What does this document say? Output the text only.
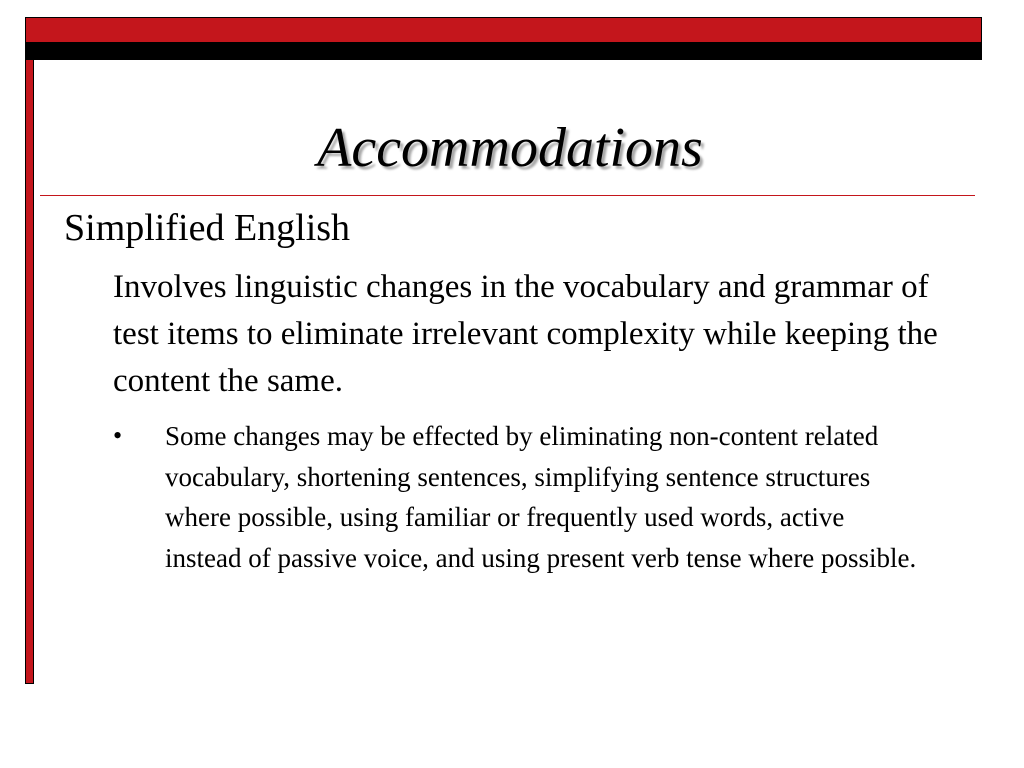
Accommodations
Simplified English
Involves linguistic changes in the vocabulary and grammar of test items to eliminate irrelevant complexity while keeping the content the same.
• Some changes may be effected by eliminating non-content related vocabulary, shortening sentences, simplifying sentence structures where possible, using familiar or frequently used words, active instead of passive voice, and using present verb tense where possible.
